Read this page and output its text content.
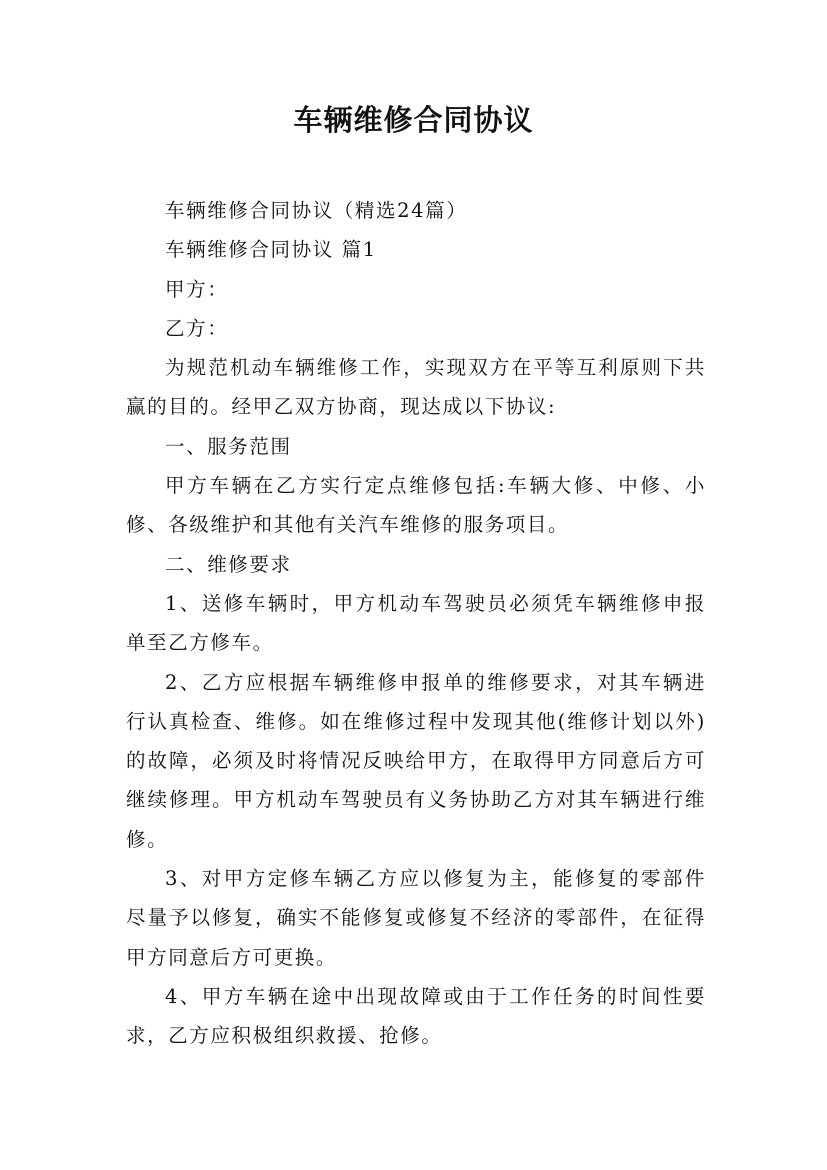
车辆维修合同协议

车辆维修合同协议（精选24篇）

车辆维修合同协议 篇1

甲方：

乙方：

为规范机动车辆维修工作，实现双方在平等互利原则下共赢的目的。经甲乙双方协商，现达成以下协议:

一、服务范围

甲方车辆在乙方实行定点维修包括:车辆大修、中修、小修、各级维护和其他有关汽车维修的服务项目。

二、维修要求

1、送修车辆时，甲方机动车驾驶员必须凭车辆维修申报单至乙方修车。

2、乙方应根据车辆维修申报单的维修要求，对其车辆进行认真检查、维修。如在维修过程中发现其他(维修计划以外)的故障，必须及时将情况反映给甲方，在取得甲方同意后方可继续修理。甲方机动车驾驶员有义务协助乙方对其车辆进行维修。

3、对甲方定修车辆乙方应以修复为主，能修复的零部件尽量予以修复，确实不能修复或修复不经济的零部件，在征得甲方同意后方可更换。

4、甲方车辆在途中出现故障或由于工作任务的时间性要求，乙方应积极组织救援、抢修。
